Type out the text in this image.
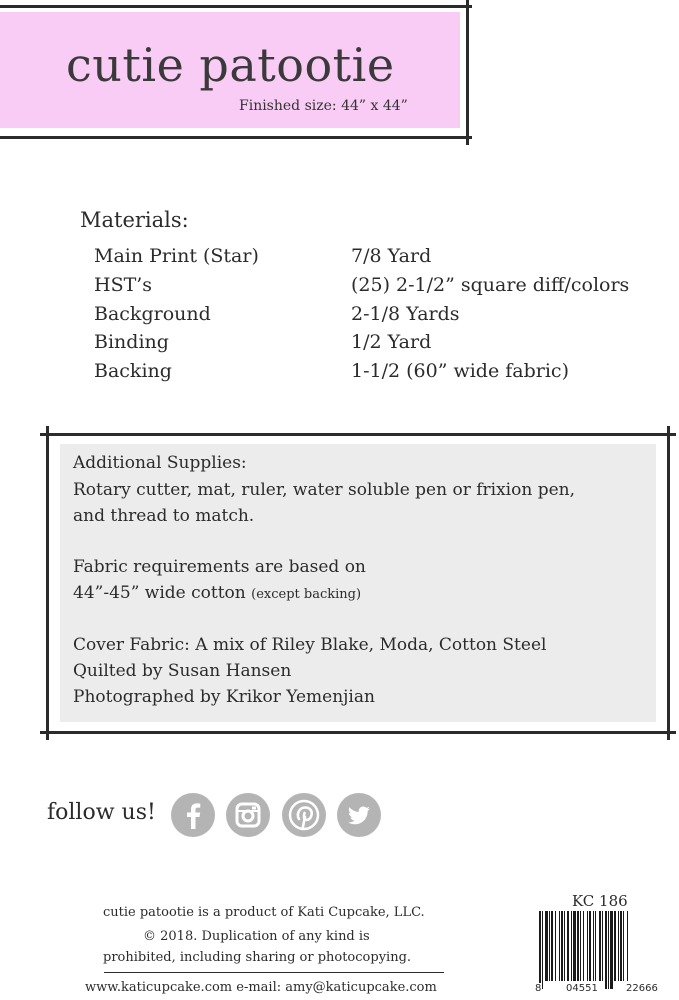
cutie patootie
Finished size: 44” x 44”
Materials:
Main Print (Star)	7/8 Yard
HST’s	(25) 2-1/2” square diff/colors
Background	2-1/8 Yards
Binding	1/2 Yard
Backing	1-1/2 (60” wide fabric)
Additional Supplies:
Rotary cutter, mat, ruler, water soluble pen or frixion pen,
and thread to match.
Fabric requirements are based on
44”-45” wide cotton (except backing)
Cover Fabric: A mix of Riley Blake, Moda, Cotton Steel
Quilted by Susan Hansen
Photographed by Krikor Yemenjian
follow us!
cutie patootie is a product of Kati Cupcake, LLC.
© 2018. Duplication of any kind is
prohibited, including sharing or photocopying.
www.katicupcake.com e-mail: amy@katicupcake.com
KC 186
8 04551	22666
